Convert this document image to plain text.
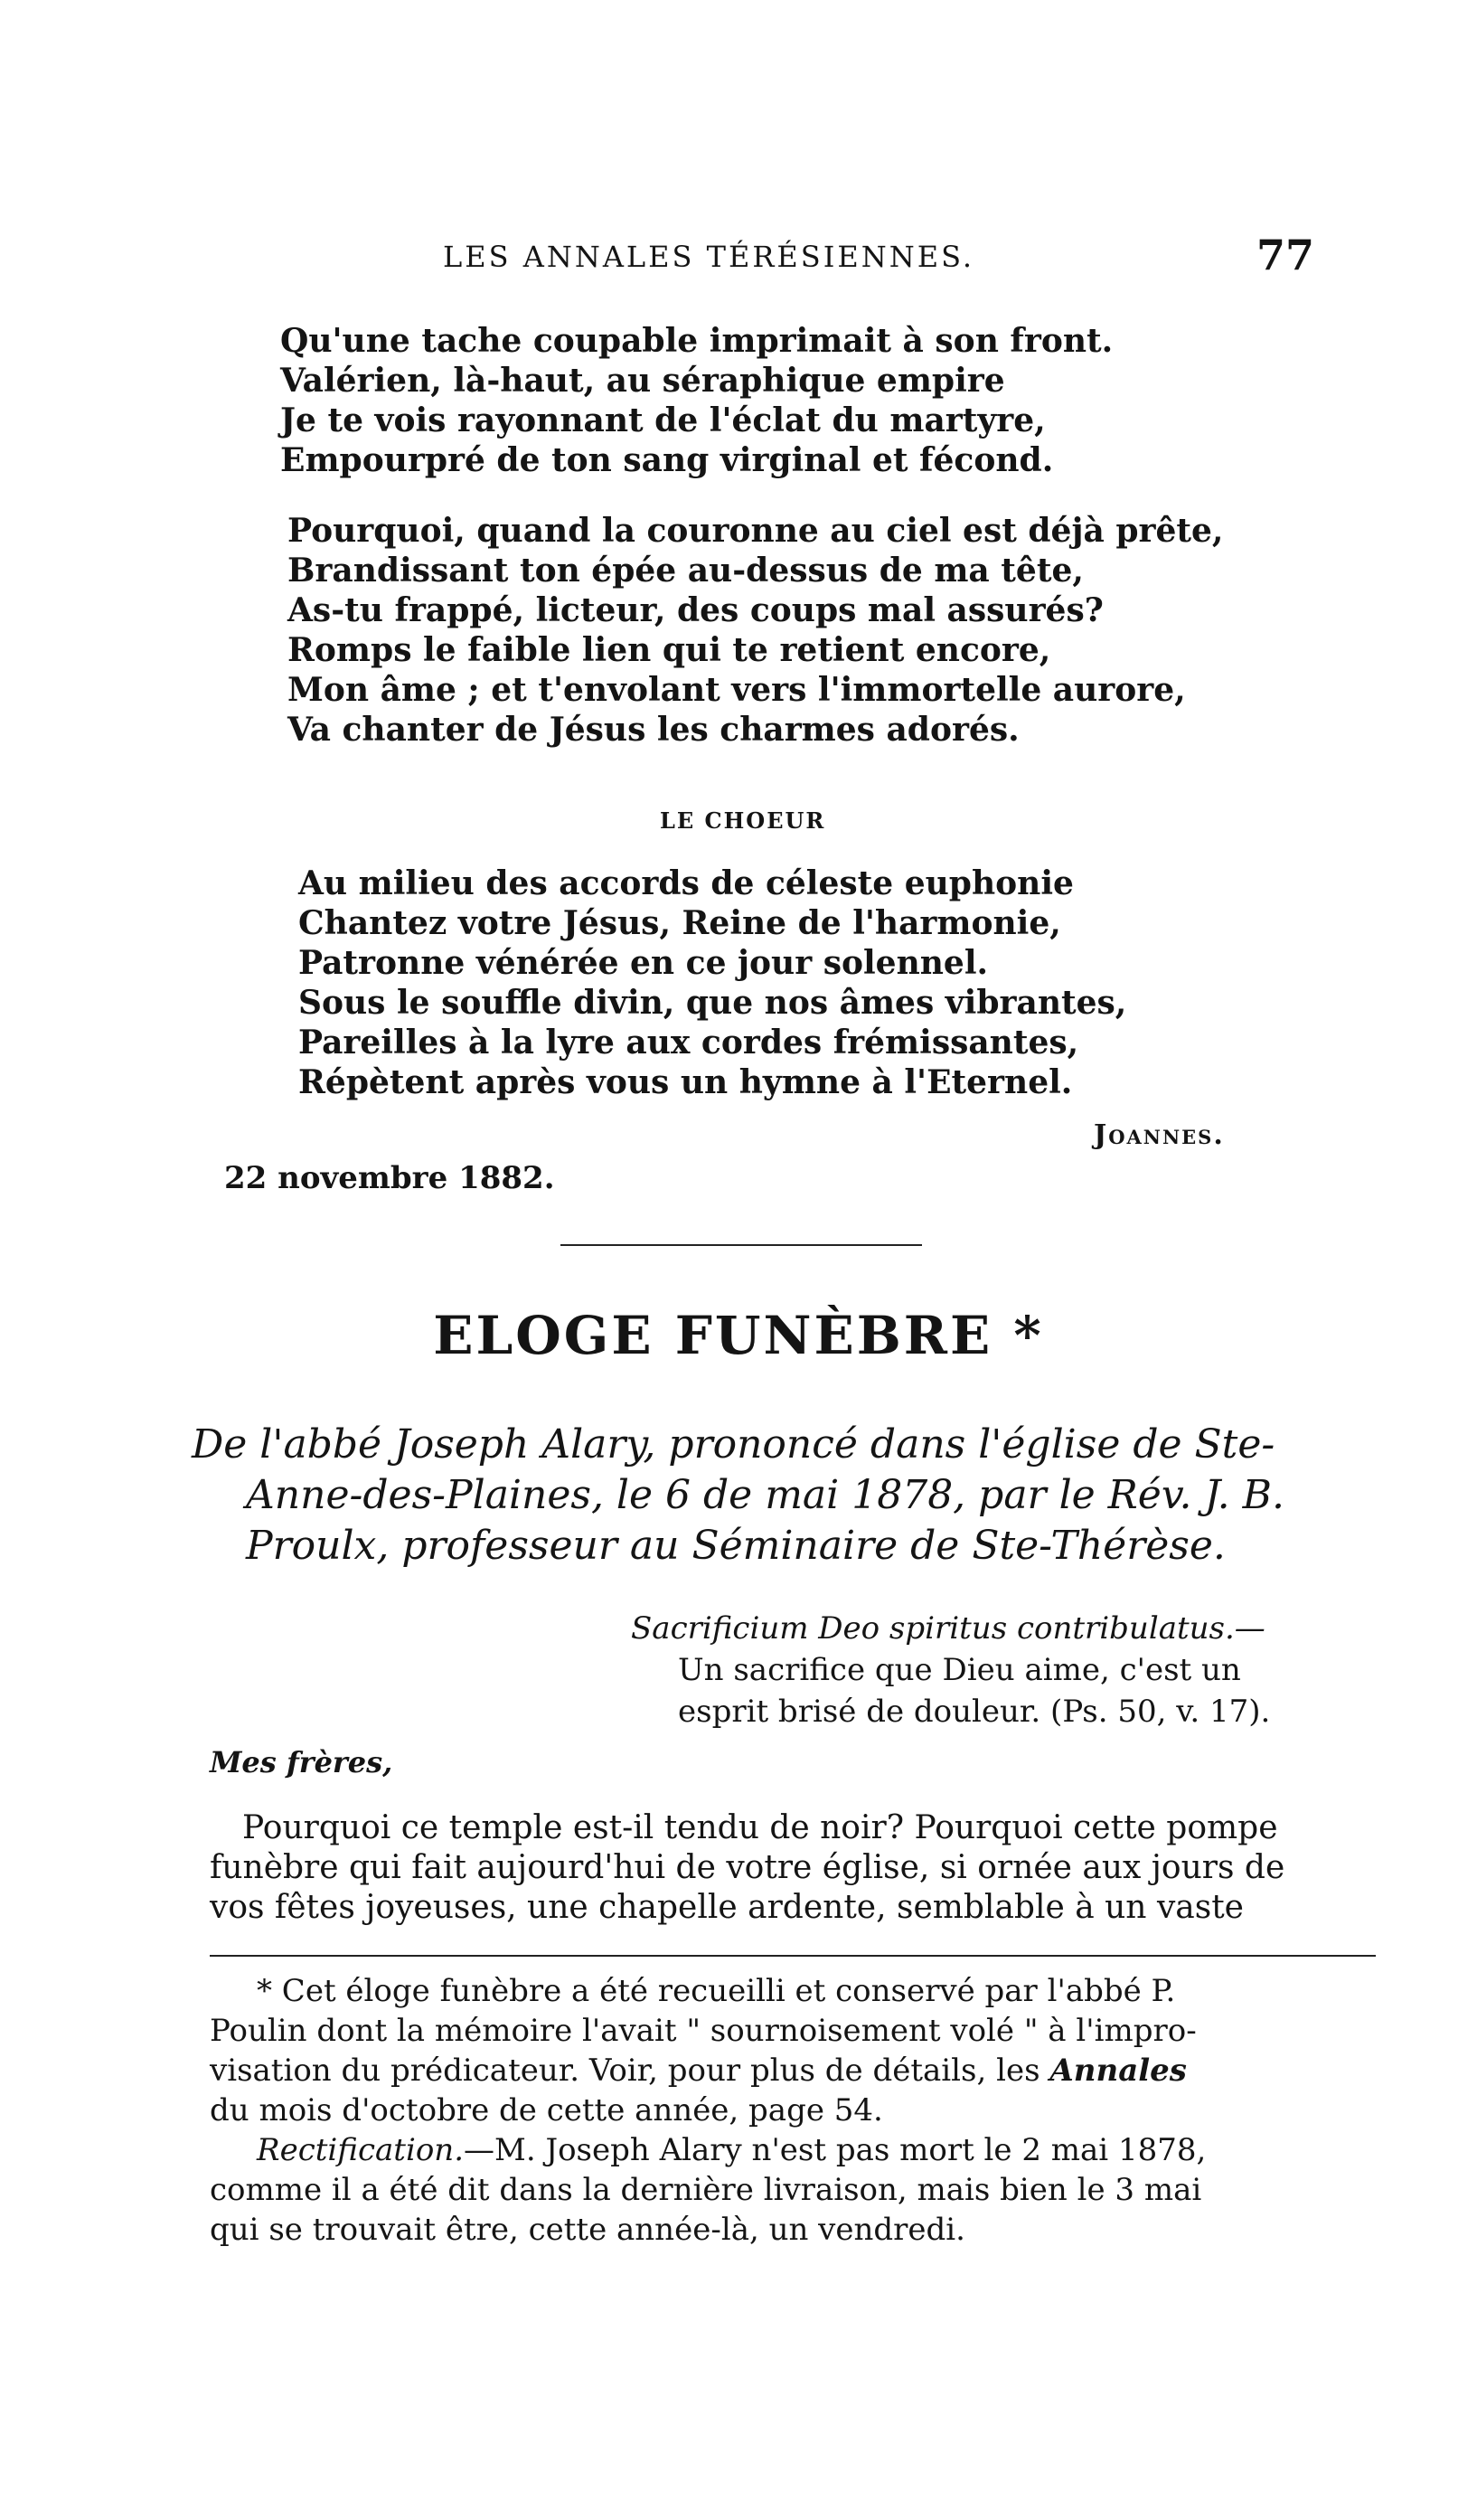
LES ANNALES TÉRÉSIENNES.	77
Qu'une tache coupable imprimait à son front.
Valérien, là-haut, au séraphique empire
Je te vois rayonnant de l'éclat du martyre,
Empourpré de ton sang virginal et fécond.
Pourquoi, quand la couronne au ciel est déjà prête,
Brandissant ton épée au-dessus de ma tête,
As-tu frappé, licteur, des coups mal assurés?
Romps le faible lien qui te retient encore,
Mon âme ; et t'envolant vers l'immortelle aurore,
Va chanter de Jésus les charmes adorés.
LE CHOEUR
Au milieu des accords de céleste euphonie
Chantez votre Jésus, Reine de l'harmonie,
Patronne vénérée en ce jour solennel.
Sous le souffle divin, que nos âmes vibrantes,
Pareilles à la lyre aux cordes frémissantes,
Répètent après vous un hymne à l'Eternel.
Joannes.
22 novembre 1882.
ELOGE FUNÈBRE *
De l'abbé Joseph Alary, prononcé dans l'église de Ste-
Anne-des-Plaines, le 6 de mai 1878, par le Rév. J. B.
Proulx, professeur au Séminaire de Ste-Thérèse.
Sacrificium Deo spiritus contribulatus.—
Un sacrifice que Dieu aime, c'est un
esprit brisé de douleur. (Ps. 50, v. 17).
Mes frères,
Pourquoi ce temple est-il tendu de noir? Pourquoi cette pompe
funèbre qui fait aujourd'hui de votre église, si ornée aux jours de
vos fêtes joyeuses, une chapelle ardente, semblable à un vaste
* Cet éloge funèbre a été recueilli et conservé par l'abbé P.
Poulin dont la mémoire l'avait " sournoisement volé " à l'impro-
visation du prédicateur. Voir, pour plus de détails, les Annales
du mois d'octobre de cette année, page 54.
Rectification.—M. Joseph Alary n'est pas mort le 2 mai 1878,
comme il a été dit dans la dernière livraison, mais bien le 3 mai
qui se trouvait être, cette année-là, un vendredi.
